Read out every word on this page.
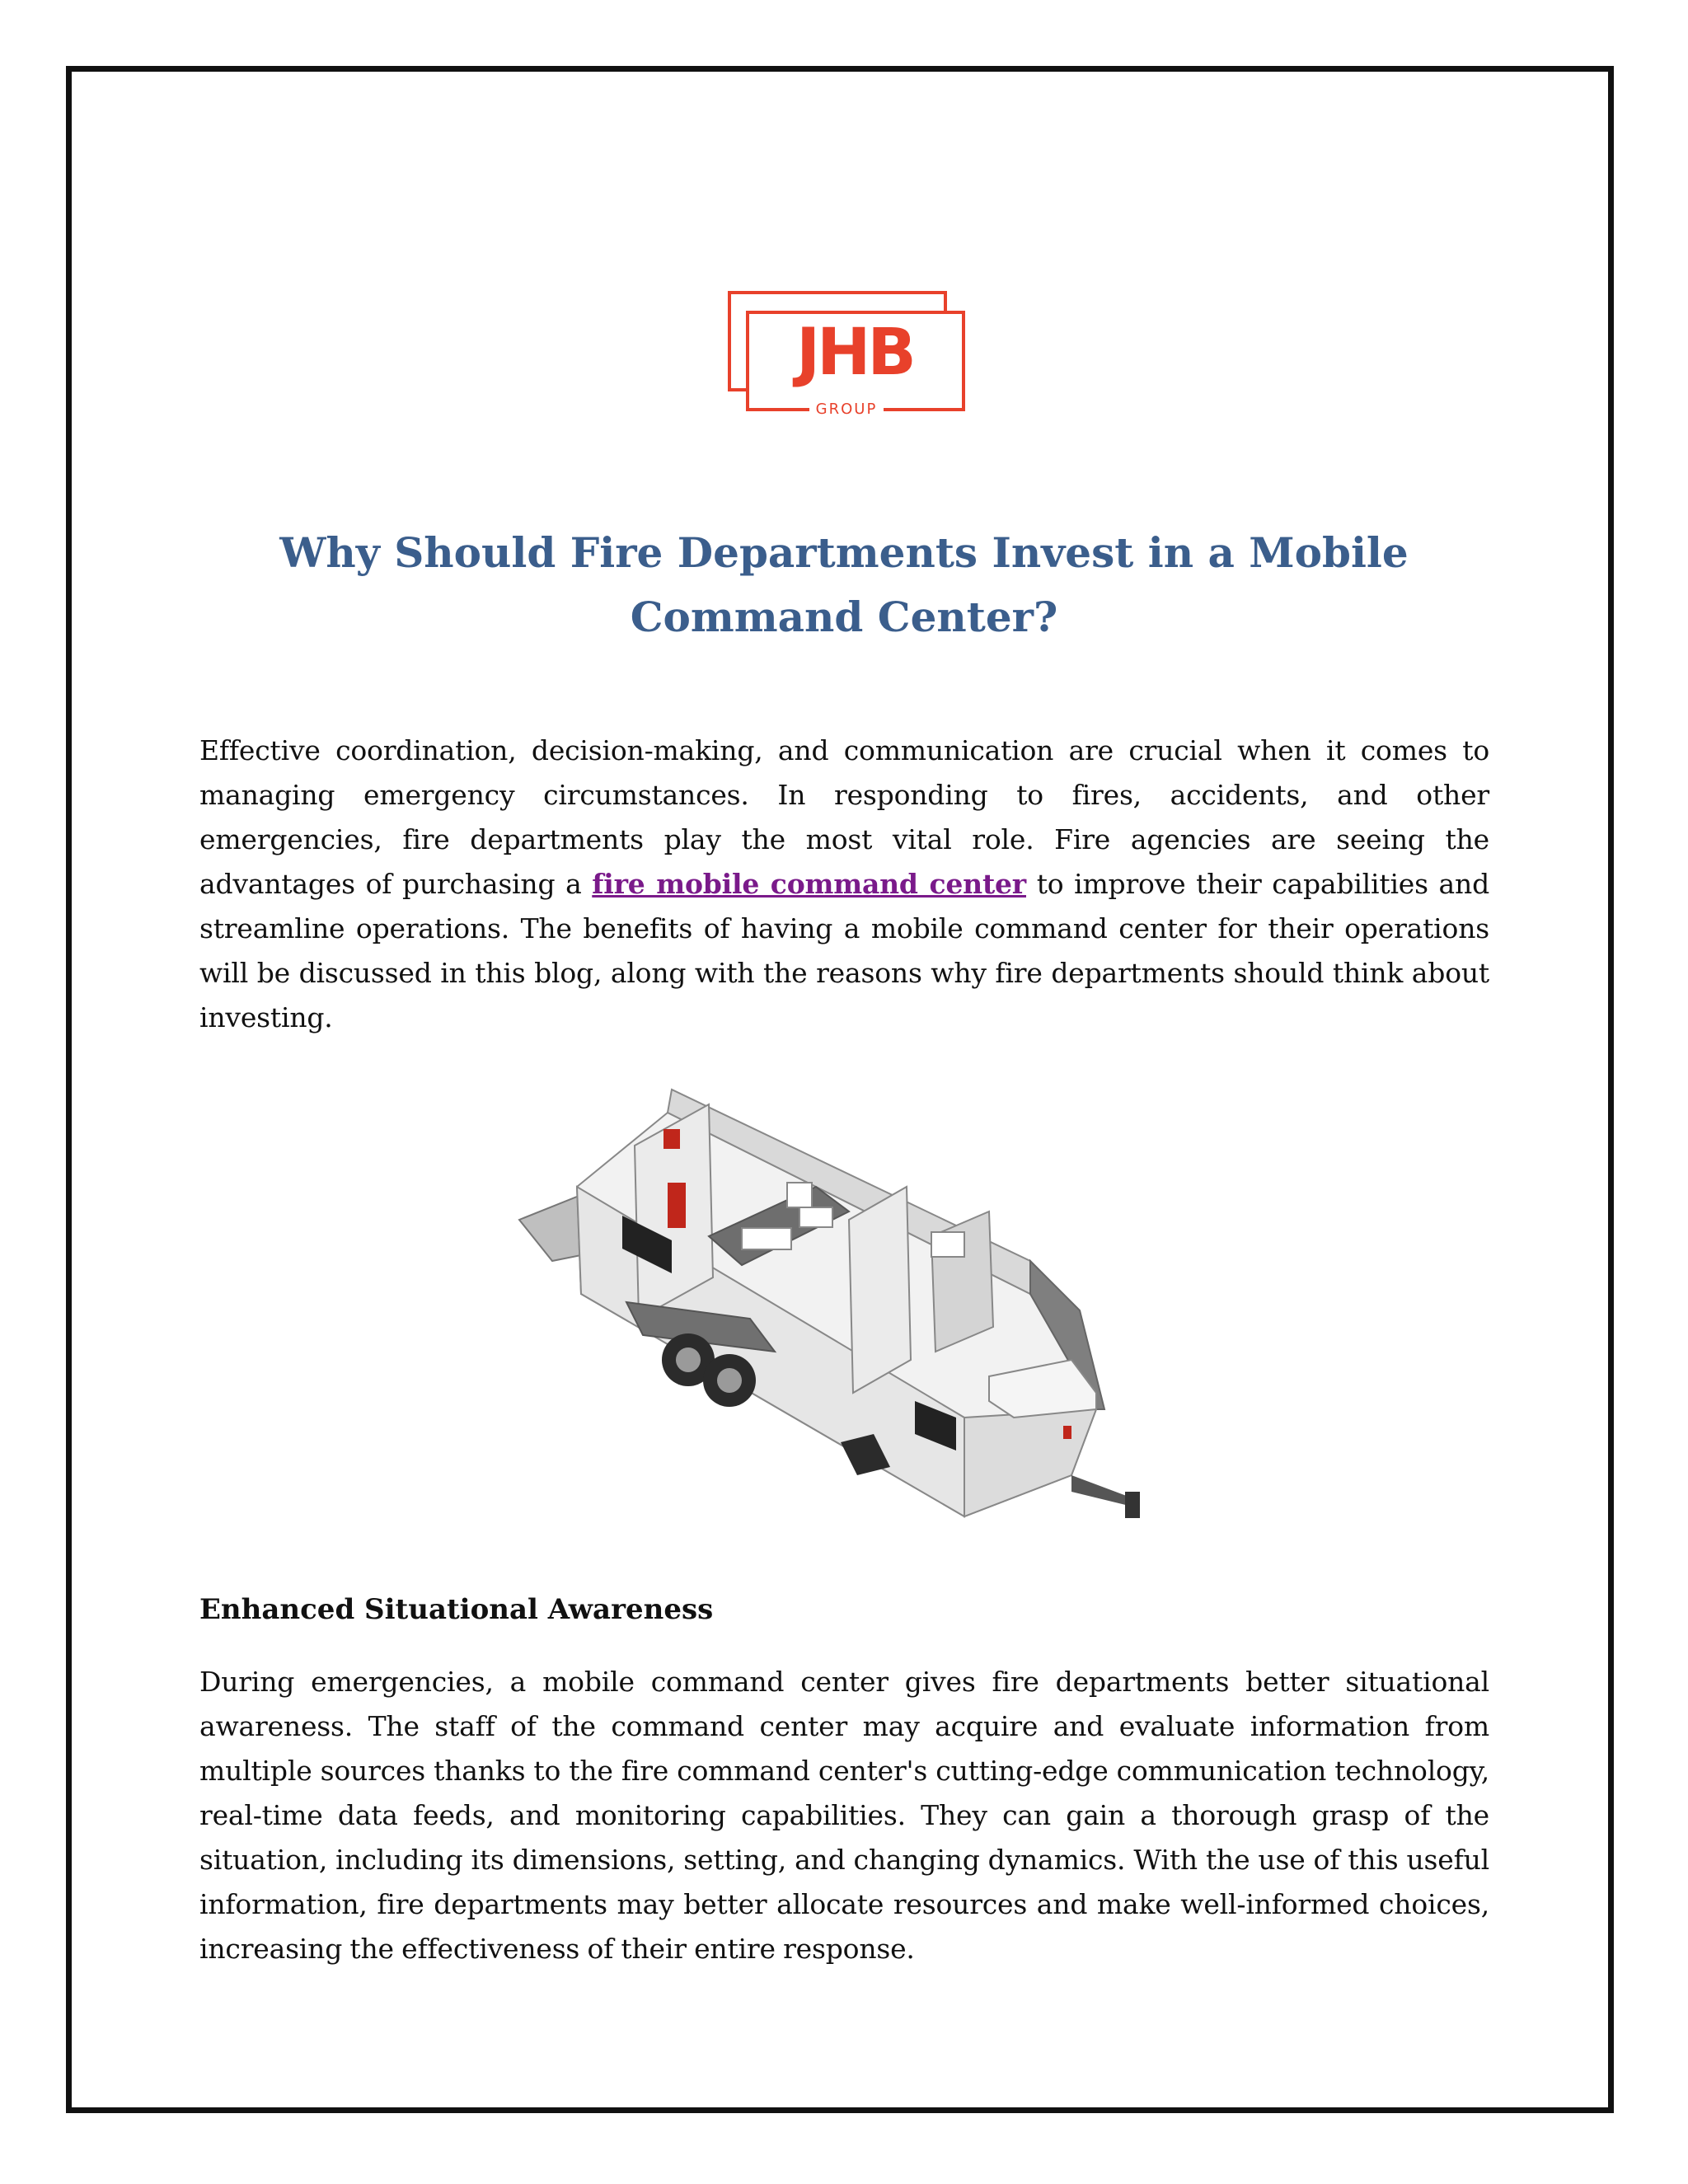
JHB
GROUP
Why Should Fire Departments Invest in a Mobile
Command Center?

Effective coordination, decision-making, and communication are crucial when it comes to managing emergency circumstances. In responding to fires, accidents, and other emergencies, fire departments play the most vital role. Fire agencies are seeing the advantages of purchasing a fire mobile command center to improve their capabilities and streamline operations. The benefits of having a mobile command center for their operations will be discussed in this blog, along with the reasons why fire departments should think about investing.

Enhanced Situational Awareness

During emergencies, a mobile command center gives fire departments better situational awareness. The staff of the command center may acquire and evaluate information from multiple sources thanks to the fire command center's cutting-edge communication technology, real-time data feeds, and monitoring capabilities. They can gain a thorough grasp of the situation, including its dimensions, setting, and changing dynamics. With the use of this useful information, fire departments may better allocate resources and make well-informed choices, increasing the effectiveness of their entire response.
